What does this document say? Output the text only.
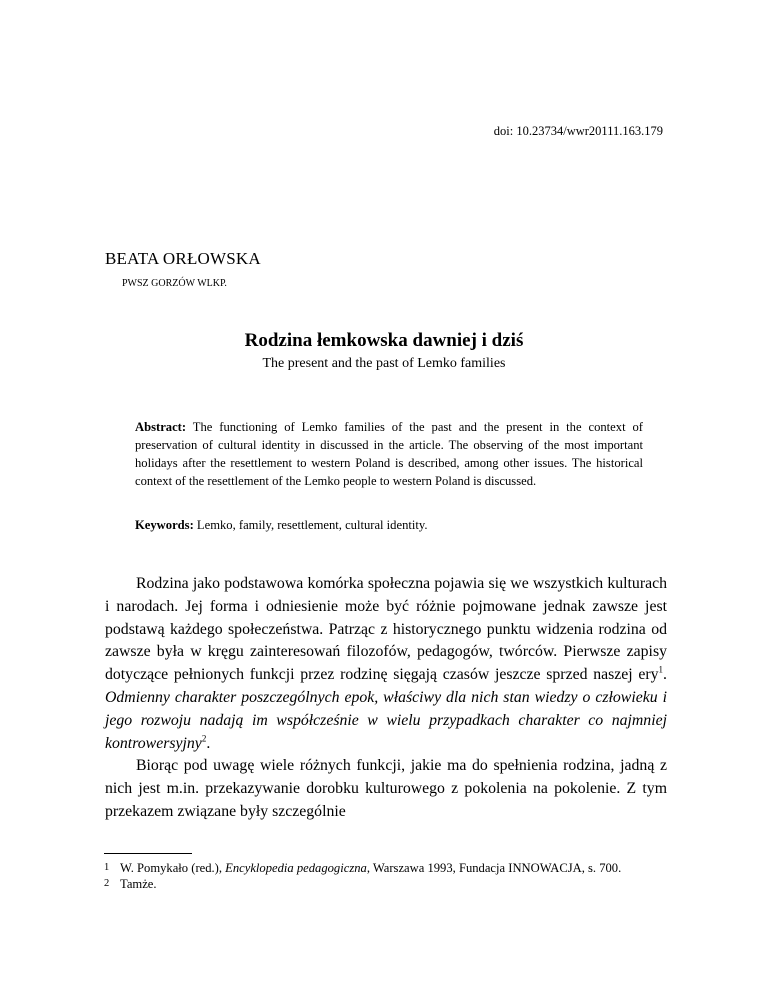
doi: 10.23734/wwr20111.163.179
BEATA ORŁOWSKA
PWSZ GORZÓW WLKP.
Rodzina łemkowska dawniej i dziś
The present and the past of Lemko families
Abstract: The functioning of Lemko families of the past and the present in the context of preservation of cultural identity in discussed in the article. The observing of the most important holidays after the resettlement to western Poland is described, among other issues. The historical context of the resettlement of the Lemko people to western Poland is discussed.
Keywords: Lemko, family, resettlement, cultural identity.

Rodzina jako podstawowa komórka społeczna pojawia się we wszystkich kulturach i narodach. Jej forma i odniesienie może być różnie pojmowane jednak zawsze jest podstawą każdego społeczeństwa. Patrząc z historycznego punktu widzenia rodzina od zawsze była w kręgu zainteresowań filozofów, pedagogów, twórców. Pierwsze zapisy dotyczące pełnionych funkcji przez rodzinę sięgają czasów jeszcze sprzed naszej ery$^1$. Odmienny charakter poszczególnych epok, właściwy dla nich stan wiedzy o człowieku i jego rozwoju nadają im współcześnie w wielu przypadkach charakter co najmniej kontrowersyjny$^2$.

Biorąc pod uwagę wiele różnych funkcji, jakie ma do spełnienia rodzina, jadną z nich jest m.in. przekazywanie dorobku kulturowego z pokolenia na pokolenie. Z tym przekazem związane były szczególnie

1 W. Pomykało (red.), Encyklopedia pedagogiczna, Warszawa 1993, Fundacja INNOWACJA, s. 700.
2 Tamże.
